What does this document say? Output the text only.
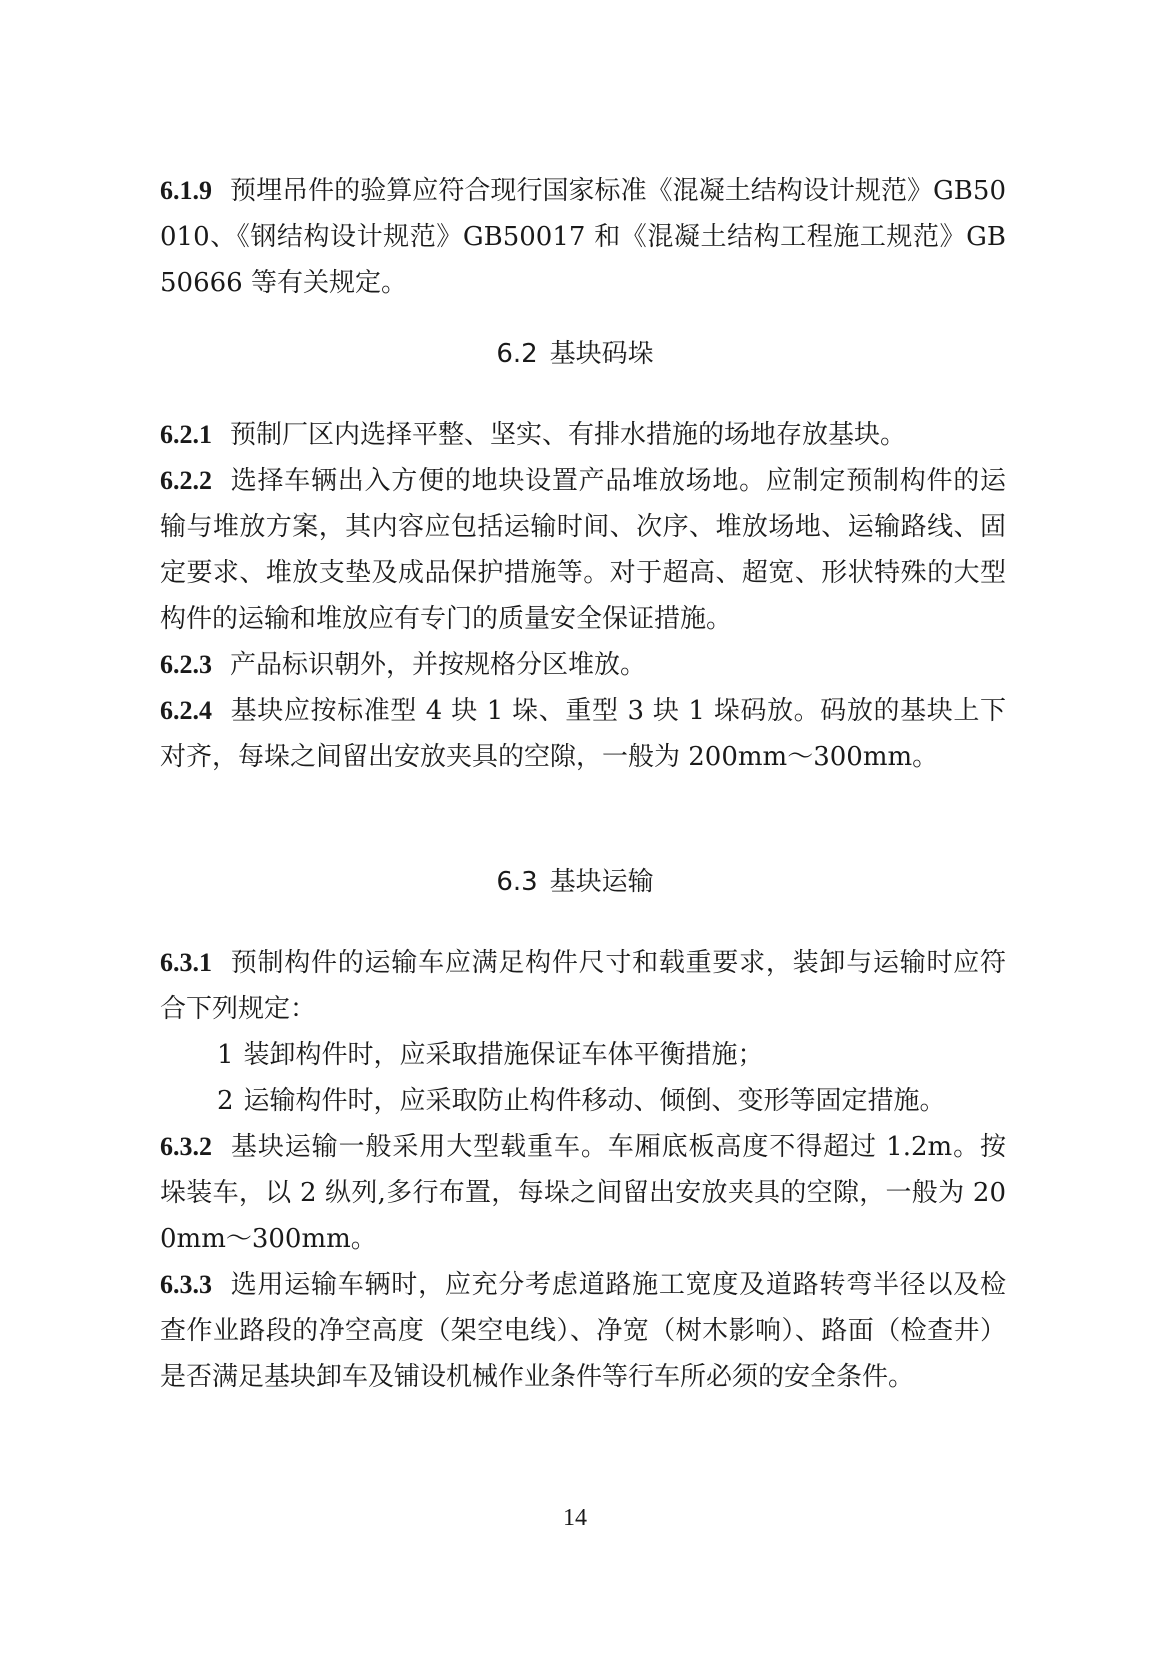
6.1.9 预埋吊件的验算应符合现行国家标准《混凝土结构设计规范》GB50010、《钢结构设计规范》GB50017 和《混凝土结构工程施工规范》GB50666 等有关规定。
6.2 基块码垛
6.2.1 预制厂区内选择平整、坚实、有排水措施的场地存放基块。
6.2.2 选择车辆出入方便的地块设置产品堆放场地。应制定预制构件的运输与堆放方案，其内容应包括运输时间、次序、堆放场地、运输路线、固定要求、堆放支垫及成品保护措施等。对于超高、超宽、形状特殊的大型构件的运输和堆放应有专门的质量安全保证措施。
6.2.3 产品标识朝外，并按规格分区堆放。
6.2.4 基块应按标准型 4 块 1 垛、重型 3 块 1 垛码放。码放的基块上下对齐，每垛之间留出安放夹具的空隙，一般为 200mm～300mm。
6.3 基块运输
6.3.1 预制构件的运输车应满足构件尺寸和载重要求，装卸与运输时应符合下列规定：
1 装卸构件时，应采取措施保证车体平衡措施；
2 运输构件时，应采取防止构件移动、倾倒、变形等固定措施。
6.3.2 基块运输一般采用大型载重车。车厢底板高度不得超过 1.2m。按垛装车，以 2 纵列,多行布置，每垛之间留出安放夹具的空隙，一般为 200mm～300mm。
6.3.3 选用运输车辆时，应充分考虑道路施工宽度及道路转弯半径以及检查作业路段的净空高度（架空电线）、净宽（树木影响）、路面（检查井）是否满足基块卸车及铺设机械作业条件等行车所必须的安全条件。
14
